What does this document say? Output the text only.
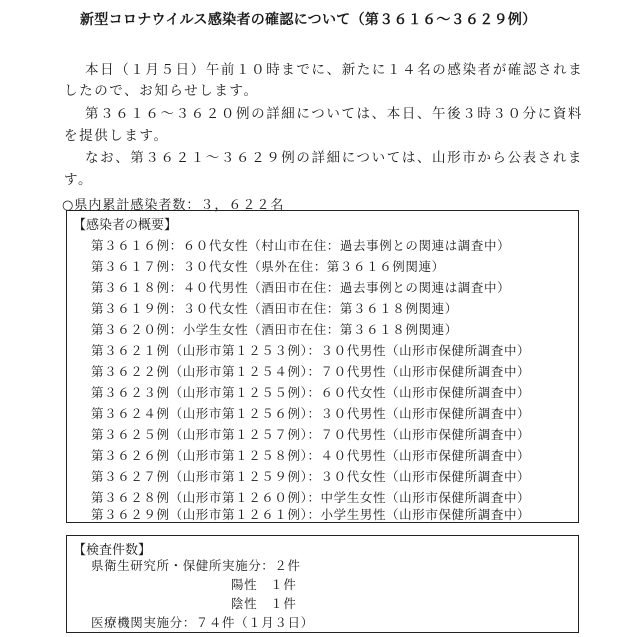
新型コロナウイルス感染者の確認について（第３６１６～３６２９例）
本日（１月５日）午前１０時までに、新たに１４名の感染者が確認されま
したので、お知らせします。
第３６１６～３６２０例の詳細については、本日、午後３時３０分に資料
を提供します。
なお、第３６２１～３６２９例の詳細については、山形市から公表されま
す。
○県内累計感染者数：３，６２２名
【感染者の概要】
第３６１６例：６０代女性（村山市在住：過去事例との関連は調査中）
第３６１７例：３０代女性（県外在住：第３６１６例関連）
第３６１８例：４０代男性（酒田市在住：過去事例との関連は調査中）
第３６１９例：３０代女性（酒田市在住：第３６１８例関連）
第３６２０例：小学生女性（酒田市在住：第３６１８例関連）
第３６２１例（山形市第１２５３例）：３０代男性（山形市保健所調査中）
第３６２２例（山形市第１２５４例）：７０代男性（山形市保健所調査中）
第３６２３例（山形市第１２５５例）：６０代女性（山形市保健所調査中）
第３６２４例（山形市第１２５６例）：３０代男性（山形市保健所調査中）
第３６２５例（山形市第１２５７例）：７０代男性（山形市保健所調査中）
第３６２６例（山形市第１２５８例）：４０代男性（山形市保健所調査中）
第３６２７例（山形市第１２５９例）：３０代女性（山形市保健所調査中）
第３６２８例（山形市第１２６０例）：中学生女性（山形市保健所調査中）
第３６２９例（山形市第１２６１例）：小学生男性（山形市保健所調査中）
【検査件数】
県衛生研究所・保健所実施分：２件
陽性　１件
陰性　１件
医療機関実施分：７４件（１月３日）
